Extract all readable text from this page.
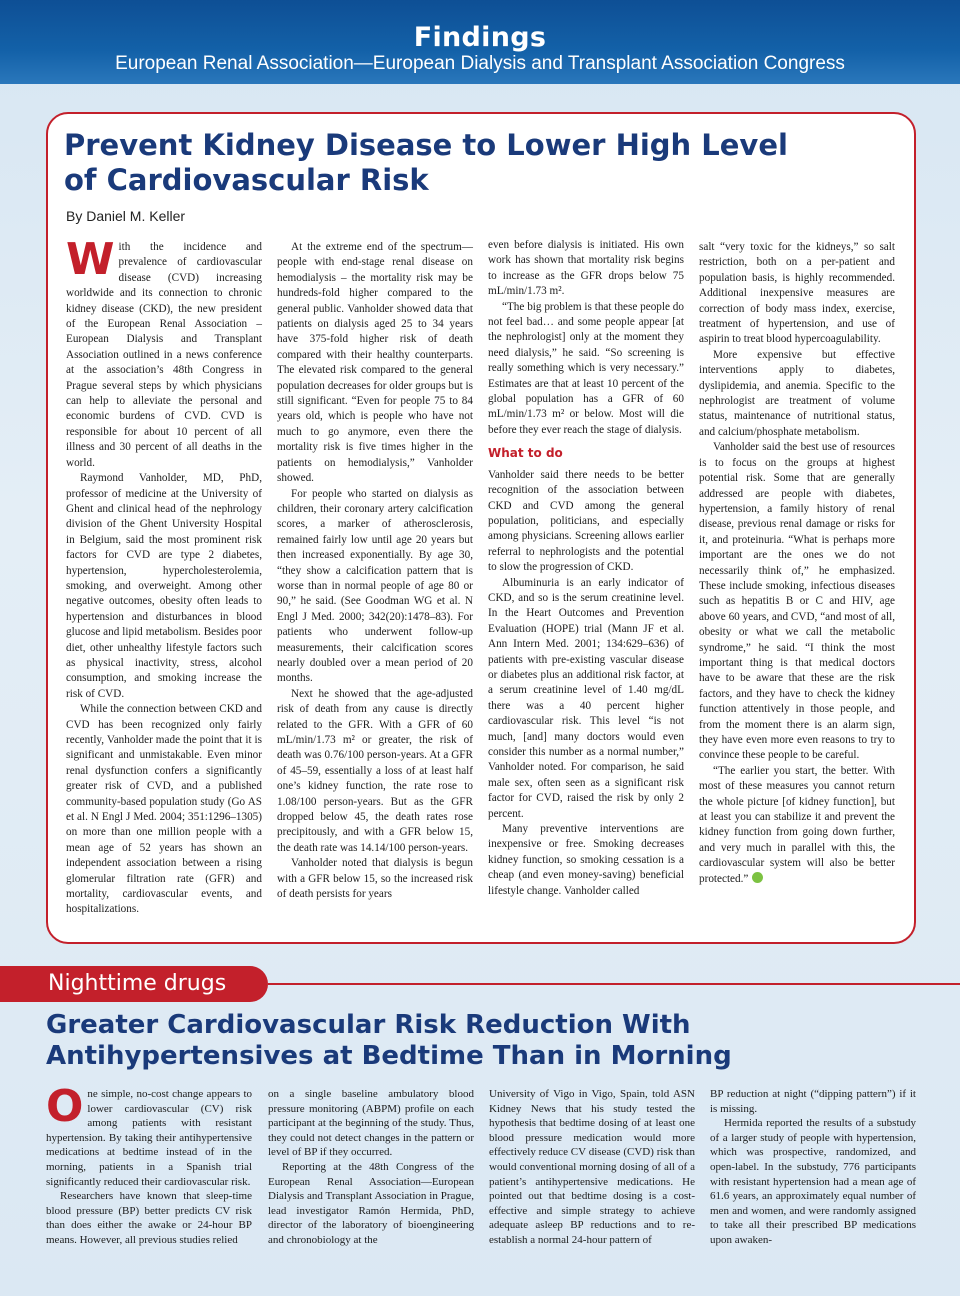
Findings
European Renal Association—European Dialysis and Transplant Association Congress
Prevent Kidney Disease to Lower High Level of Cardiovascular Risk
By Daniel M. Keller

With the incidence and prevalence of cardiovascular disease (CVD) increasing worldwide and its connection to chronic kidney disease (CKD), the new president of the European Renal Association – European Dialysis and Transplant Association outlined in a news conference at the association’s 48th Congress in Prague several steps by which physicians can help to alleviate the personal and economic burdens of CVD. CVD is responsible for about 10 percent of all illness and 30 percent of all deaths in the world.

Raymond Vanholder, MD, PhD, professor of medicine at the University of Ghent and clinical head of the nephrology division of the Ghent University Hospital in Belgium, said the most prominent risk factors for CVD are type 2 diabetes, hypertension, hypercholesterolemia, smoking, and overweight. Among other negative outcomes, obesity often leads to hypertension and disturbances in blood glucose and lipid metabolism. Besides poor diet, other unhealthy lifestyle factors such as physical inactivity, stress, alcohol consumption, and smoking increase the risk of CVD.

While the connection between CKD and CVD has been recognized only fairly recently, Vanholder made the point that it is significant and unmistakable. Even minor renal dysfunction confers a significantly greater risk of CVD, and a published community-based population study (Go AS et al. N Engl J Med. 2004; 351:1296–1305) on more than one million people with a mean age of 52 years has shown an independent association between a rising glomerular filtration rate (GFR) and mortality, cardiovascular events, and hospitalizations.

At the extreme end of the spectrum—people with end-stage renal disease on hemodialysis – the mortality risk may be hundreds-fold higher compared to the general public. Vanholder showed data that patients on dialysis aged 25 to 34 years have 375-fold higher risk of death compared with their healthy counterparts. The elevated risk compared to the general population decreases for older groups but is still significant. “Even for people 75 to 84 years old, which is people who have not much to go anymore, even there the mortality risk is five times higher in the patients on hemodialysis,” Vanholder showed.

For people who started on dialysis as children, their coronary artery calcification scores, a marker of atherosclerosis, remained fairly low until age 20 years but then increased exponentially. By age 30, “they show a calcification pattern that is worse than in normal people of age 80 or 90,” he said. (See Goodman WG et al. N Engl J Med. 2000; 342(20):1478–83). For patients who underwent follow-up measurements, their calcification scores nearly doubled over a mean period of 20 months.

Next he showed that the age-adjusted risk of death from any cause is directly related to the GFR. With a GFR of 60 mL/min/1.73 m² or greater, the risk of death was 0.76/100 person-years. At a GFR of 45–59, essentially a loss of at least half one’s kidney function, the rate rose to 1.08/100 person-years. But as the GFR dropped below 45, the death rates rose precipitously, and with a GFR below 15, the death rate was 14.14/100 person-years.

Vanholder noted that dialysis is begun with a GFR below 15, so the increased risk of death persists for years

even before dialysis is initiated. His own work has shown that mortality risk begins to increase as the GFR drops below 75 mL/min/1.73 m².

“The big problem is that these people do not feel bad… and some people appear [at the nephrologist] only at the moment they need dialysis,” he said. “So screening is really something which is very necessary.” Estimates are that at least 10 percent of the global population has a GFR of 60 mL/min/1.73 m² or below. Most will die before they ever reach the stage of dialysis.

What to do

Vanholder said there needs to be better recognition of the association between CKD and CVD among the general population, politicians, and especially among physicians. Screening allows earlier referral to nephrologists and the potential to slow the progression of CKD.

Albuminuria is an early indicator of CKD, and so is the serum creatinine level. In the Heart Outcomes and Prevention Evaluation (HOPE) trial (Mann JF et al. Ann Intern Med. 2001; 134:629–636) of patients with pre-existing vascular disease or diabetes plus an additional risk factor, at a serum creatinine level of 1.40 mg/dL there was a 40 percent higher cardiovascular risk. This level “is not much, [and] many doctors would even consider this number as a normal number,” Vanholder noted. For comparison, he said male sex, often seen as a significant risk factor for CVD, raised the risk by only 2 percent.

Many preventive interventions are inexpensive or free. Smoking decreases kidney function, so smoking cessation is a cheap (and even money-saving) beneficial lifestyle change. Vanholder called

salt “very toxic for the kidneys,” so salt restriction, both on a per-patient and population basis, is highly recommended. Additional inexpensive measures are correction of body mass index, exercise, treatment of hypertension, and use of aspirin to treat blood hypercoagulability.

More expensive but effective interventions apply to diabetes, dyslipidemia, and anemia. Specific to the nephrologist are treatment of volume status, maintenance of nutritional status, and calcium/phosphate metabolism.

Vanholder said the best use of resources is to focus on the groups at highest potential risk. Some that are generally addressed are people with diabetes, hypertension, a family history of renal disease, previous renal damage or risks for it, and proteinuria. “What is perhaps more important are the ones we do not necessarily think of,” he emphasized. These include smoking, infectious diseases such as hepatitis B or C and HIV, age above 60 years, and CVD, “and most of all, obesity or what we call the metabolic syndrome,” he said. “I think the most important thing is that medical doctors have to be aware that these are the risk factors, and they have to check the kidney function attentively in those people, and from the moment there is an alarm sign, they have even more even reasons to try to convince these people to be careful.

“The earlier you start, the better. With most of these measures you cannot return the whole picture [of kidney function], but at least you can stabilize it and prevent the kidney function from going down further, and very much in parallel with this, the cardiovascular system will also be better protected.”

Nighttime drugs
Greater Cardiovascular Risk Reduction With Antihypertensives at Bedtime Than in Morning

One simple, no-cost change appears to lower cardiovascular (CV) risk among patients with resistant hypertension. By taking their antihypertensive medications at bedtime instead of in the morning, patients in a Spanish trial significantly reduced their cardiovascular risk.

Researchers have known that sleep-time blood pressure (BP) better predicts CV risk than does either the awake or 24-hour BP means. However, all previous studies relied

on a single baseline ambulatory blood pressure monitoring (ABPM) profile on each participant at the beginning of the study. Thus, they could not detect changes in the pattern or level of BP if they occurred.

Reporting at the 48th Congress of the European Renal Association—European Dialysis and Transplant Association in Prague, lead investigator Ramón Hermida, PhD, director of the laboratory of bioengineering and chronobiology at the

University of Vigo in Vigo, Spain, told ASN Kidney News that his study tested the hypothesis that bedtime dosing of at least one blood pressure medication would more effectively reduce CV disease (CVD) risk than would conventional morning dosing of all of a patient’s antihypertensive medications. He pointed out that bedtime dosing is a cost-effective and simple strategy to achieve adequate asleep BP reductions and to re-establish a normal 24-hour pattern of

BP reduction at night (“dipping pattern”) if it is missing.

Hermida reported the results of a substudy of a larger study of people with hypertension, which was prospective, randomized, and open-label. In the substudy, 776 participants with resistant hypertension had a mean age of 61.6 years, an approximately equal number of men and women, and were randomly assigned to take all their prescribed BP medications upon awaken-
